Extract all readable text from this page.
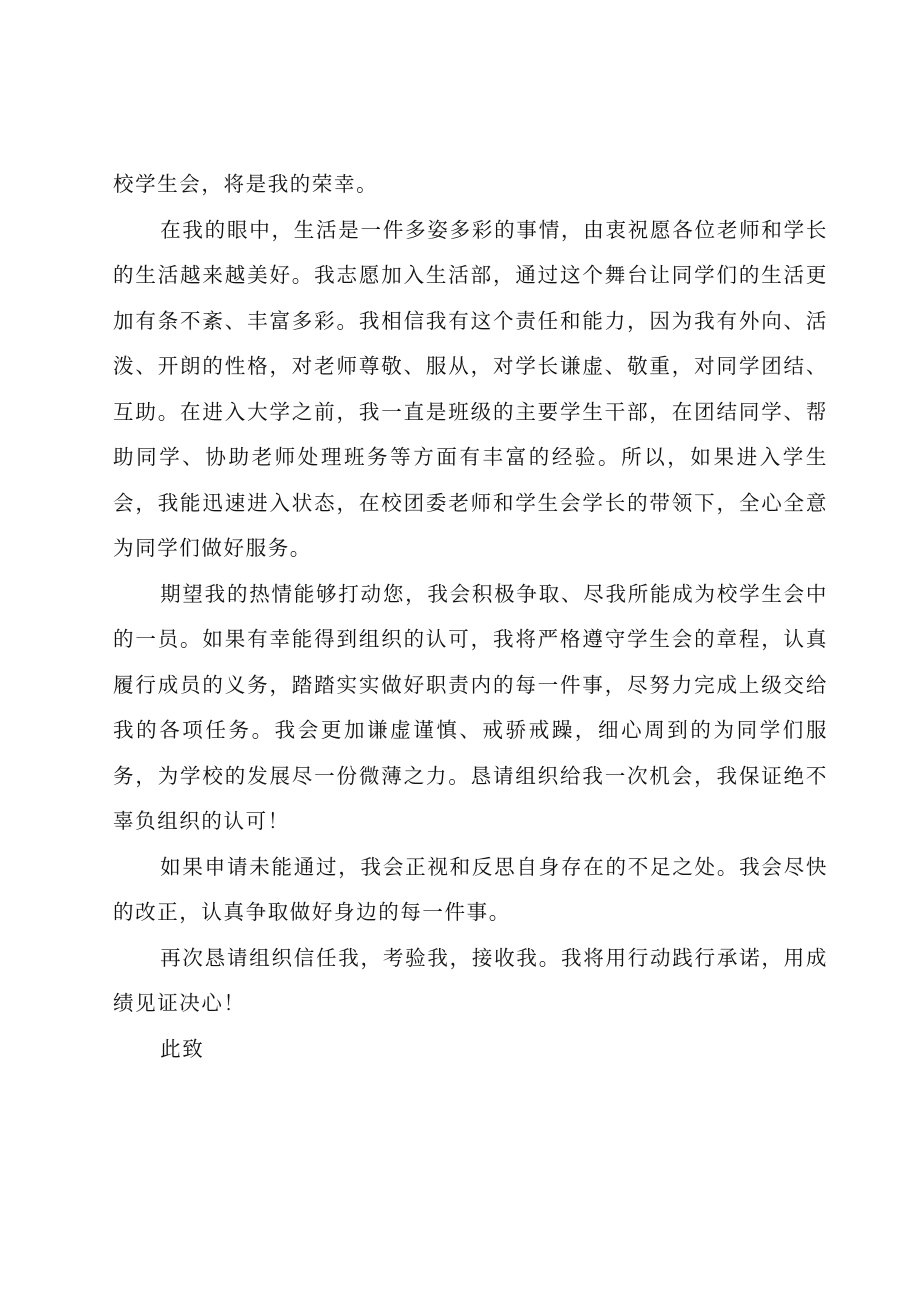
校学生会，将是我的荣幸。

在我的眼中，生活是一件多姿多彩的事情，由衷祝愿各位老师和学长的生活越来越美好。我志愿加入生活部，通过这个舞台让同学们的生活更加有条不紊、丰富多彩。我相信我有这个责任和能力，因为我有外向、活泼、开朗的性格，对老师尊敬、服从，对学长谦虚、敬重，对同学团结、互助。在进入大学之前，我一直是班级的主要学生干部，在团结同学、帮助同学、协助老师处理班务等方面有丰富的经验。所以，如果进入学生会，我能迅速进入状态，在校团委老师和学生会学长的带领下，全心全意为同学们做好服务。

期望我的热情能够打动您，我会积极争取、尽我所能成为校学生会中的一员。如果有幸能得到组织的认可，我将严格遵守学生会的章程，认真履行成员的义务，踏踏实实做好职责内的每一件事，尽努力完成上级交给我的各项任务。我会更加谦虚谨慎、戒骄戒躁，细心周到的为同学们服务，为学校的发展尽一份微薄之力。恳请组织给我一次机会，我保证绝不辜负组织的认可！

如果申请未能通过，我会正视和反思自身存在的不足之处。我会尽快的改正，认真争取做好身边的每一件事。

再次恳请组织信任我，考验我，接收我。我将用行动践行承诺，用成绩见证决心！

此致
